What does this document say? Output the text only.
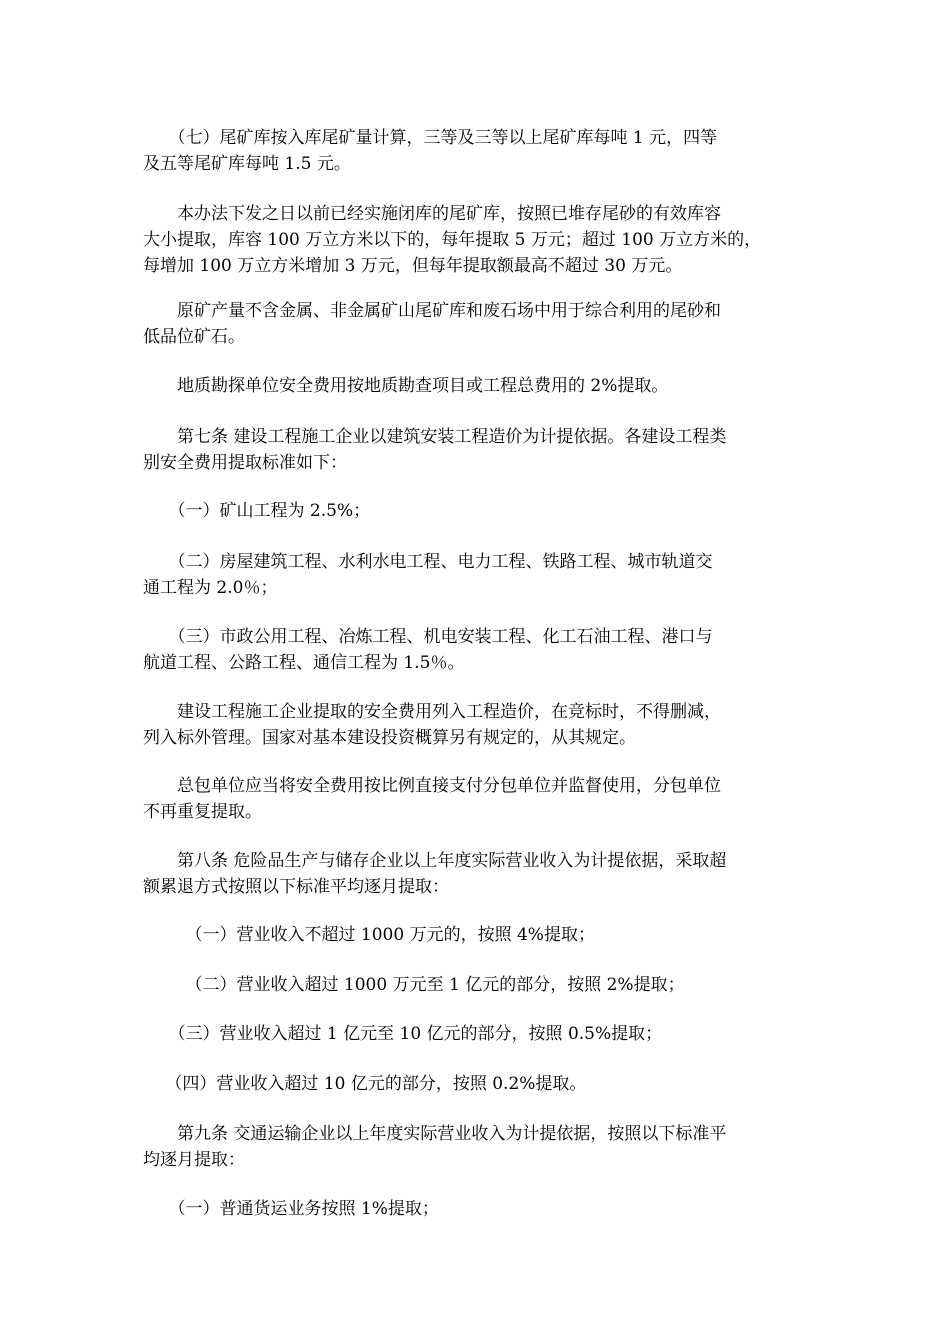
　　（七）尾矿库按入库尾矿量计算，三等及三等以上尾矿库每吨 1 元，四等
及五等尾矿库每吨 1.5 元。

　　本办法下发之日以前已经实施闭库的尾矿库，按照已堆存尾砂的有效库容
大小提取，库容 100 万立方米以下的，每年提取 5 万元；超过 100 万立方米的，
每增加 100 万立方米增加 3 万元，但每年提取额最高不超过 30 万元。

　　原矿产量不含金属、非金属矿山尾矿库和废石场中用于综合利用的尾砂和
低品位矿石。

　　地质勘探单位安全费用按地质勘查项目或工程总费用的 2%提取。

　　第七条 建设工程施工企业以建筑安装工程造价为计提依据。各建设工程类
别安全费用提取标准如下：

　　（一）矿山工程为 2.5%；

　　（二）房屋建筑工程、水利水电工程、电力工程、铁路工程、城市轨道交
通工程为 2.0％；

　　（三）市政公用工程、冶炼工程、机电安装工程、化工石油工程、港口与
航道工程、公路工程、通信工程为 1.5％。

　　建设工程施工企业提取的安全费用列入工程造价，在竞标时，不得删减，
列入标外管理。国家对基本建设投资概算另有规定的，从其规定。

　　总包单位应当将安全费用按比例直接支付分包单位并监督使用，分包单位
不再重复提取。

　　第八条 危险品生产与储存企业以上年度实际营业收入为计提依据，采取超
额累退方式按照以下标准平均逐月提取：

　　　（一）营业收入不超过 1000 万元的，按照 4%提取；

　　　（二）营业收入超过 1000 万元至 1 亿元的部分，按照 2%提取；

　　（三）营业收入超过 1 亿元至 10 亿元的部分，按照 0.5%提取；

　 （四）营业收入超过 10 亿元的部分，按照 0.2%提取。

　　第九条 交通运输企业以上年度实际营业收入为计提依据，按照以下标准平
均逐月提取：

　　（一）普通货运业务按照 1%提取；
